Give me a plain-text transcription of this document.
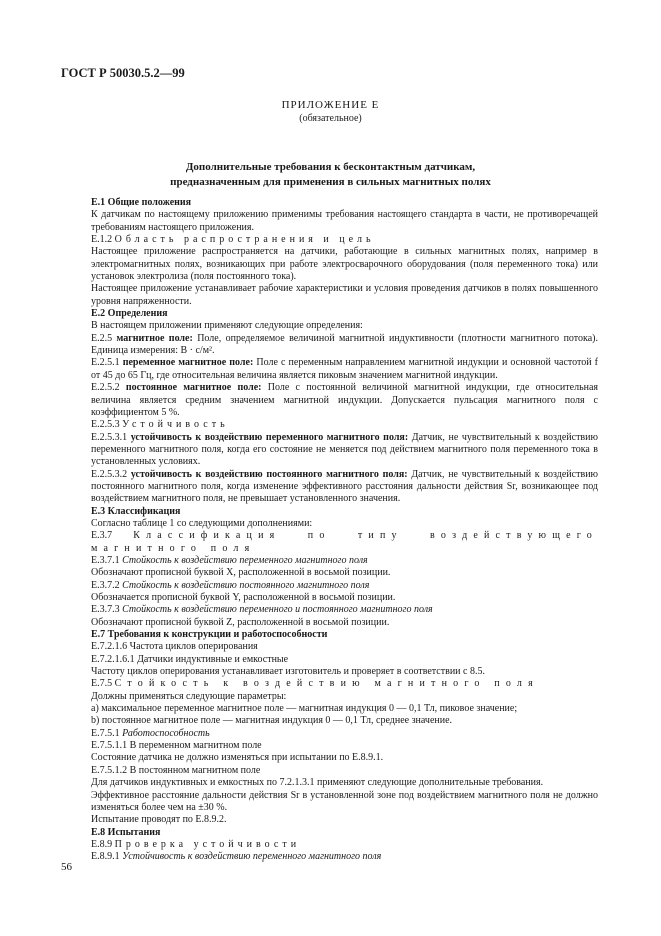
ГОСТ Р 50030.5.2—99
ПРИЛОЖЕНИЕ Е
(обязательное)
Дополнительные требования к бесконтактным датчикам,
предназначенным для применения в сильных магнитных полях

Е.1 Общие положения

К датчикам по настоящему приложению применимы требования настоящего стандарта в части, не противоречащей требованиям настоящего приложения.

Е.1.2 Область распространения и цель

Настоящее приложение распространяется на датчики, работающие в сильных магнитных полях, например в электромагнитных полях, возникающих при работе электросварочного оборудования (поля переменного тока) или установок электролиза (поля постоянного тока).

Настоящее приложение устанавливает рабочие характеристики и условия проведения датчиков в полях повышенного уровня напряженности.

Е.2 Определения

В настоящем приложении применяют следующие определения:

Е.2.5 магнитное поле: Поле, определяемое величиной магнитной индуктивности (плотности магнитного потока). Единица измерения: В · с/м².

Е.2.5.1 переменное магнитное поле: Поле с переменным направлением магнитной индукции и основной частотой f от 45 до 65 Гц, где относительная величина является пиковым значением магнитной индукции.

Е.2.5.2 постоянное магнитное поле: Поле с постоянной величиной магнитной индукции, где относительная величина является средним значением магнитной индукции. Допускается пульсация магнитного поля с коэффициентом 5 %.

Е.2.5.3 Устойчивость

Е.2.5.3.1 устойчивость к воздействию переменного магнитного поля: Датчик, не чувствительный к воздействию переменного магнитного поля, когда его состояние не меняется под действием магнитного поля переменного тока в установленных условиях.

Е.2.5.3.2 устойчивость к воздействию постоянного магнитного поля: Датчик, не чувствительный к воздействию постоянного магнитного поля, когда изменение эффективного расстояния дальности действия Sr, возникающее под воздействием магнитного поля, не превышает установленного значения.

Е.3 Классификация

Согласно таблице 1 со следующими дополнениями:

Е.3.7 Классификация по типу воздействующего магнитного поля

Е.3.7.1 Стойкость к воздействию переменного магнитного поля

Обозначают прописной буквой X, расположенной в восьмой позиции.

Е.3.7.2 Стойкость к воздействию постоянного магнитного поля

Обозначается прописной буквой Y, расположенной в восьмой позиции.

Е.3.7.3 Стойкость к воздействию переменного и постоянного магнитного поля

Обозначают прописной буквой Z, расположенной в восьмой позиции.

Е.7 Требования к конструкции и работоспособности

Е.7.2.1.6 Частота циклов оперирования

Е.7.2.1.6.1 Датчики индуктивные и емкостные

Частоту циклов оперирования устанавливает изготовитель и проверяет в соответствии с 8.5.

Е.7.5 Стойкость к воздействию магнитного поля

Должны применяться следующие параметры:

а) максимальное переменное магнитное поле — магнитная индукция 0 — 0,1 Тл, пиковое значение;

b) постоянное магнитное поле — магнитная индукция 0 — 0,1 Тл, среднее значение.

Е.7.5.1 Работоспособность

Е.7.5.1.1 В переменном магнитном поле

Состояние датчика не должно изменяться при испытании по Е.8.9.1.

Е.7.5.1.2 В постоянном магнитном поле

Для датчиков индуктивных и емкостных по 7.2.1.3.1 применяют следующие дополнительные требования.

Эффективное расстояние дальности действия Sr в установленной зоне под воздействием магнитного поля не должно изменяться более чем на ±30 %.

Испытание проводят по Е.8.9.2.

Е.8 Испытания

Е.8.9 Проверка устойчивости

Е.8.9.1 Устойчивость к воздействию переменного магнитного поля

56
